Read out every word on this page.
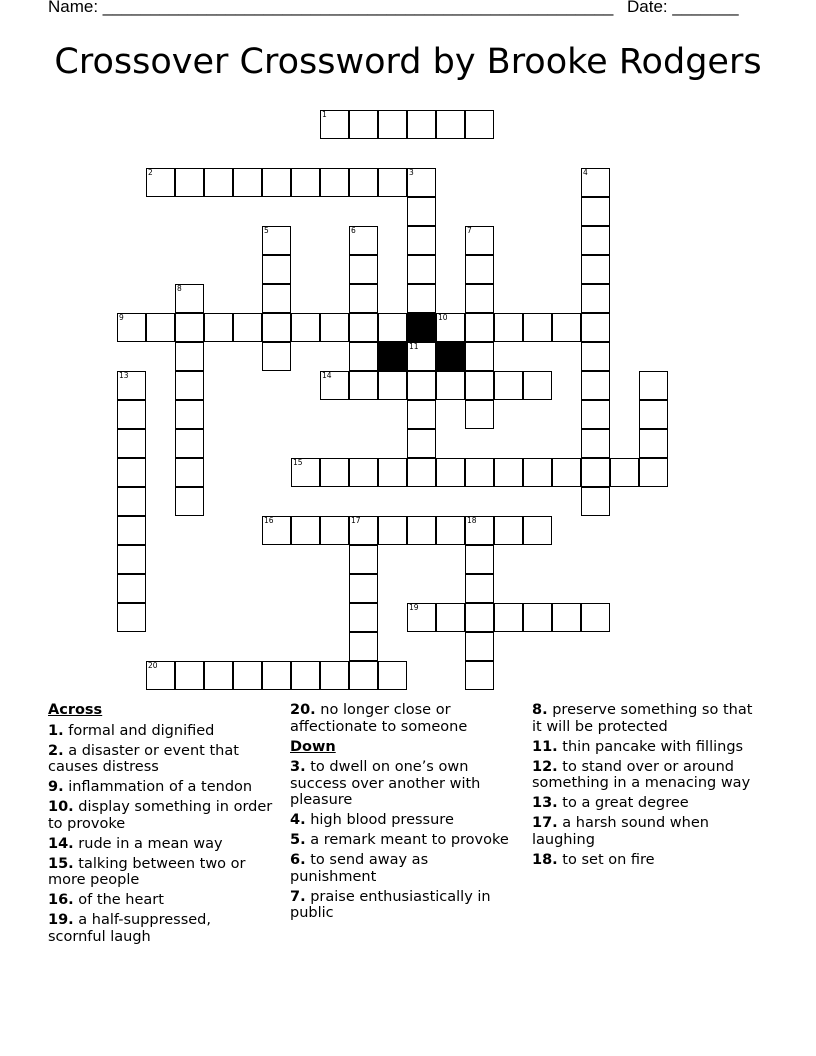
Name: ______________________________________________________ Date: _______
Crossover Crossword by Brooke Rodgers
1
2	3
11
4
5	6	7
8
9	10
13	14
15
16	17	18
19
20
Across
1. formal and dignified
2. a disaster or event that causes distress
9. inflammation of a tendon
10. display something in order to provoke
14. rude in a mean way
15. talking between two or more people
16. of the heart
19. a half-suppressed, scornful laugh
20. no longer close or affectionate to someone
Down
3. to dwell on one’s own success over another with pleasure
4. high blood pressure
5. a remark meant to provoke
6. to send away as punishment
7. praise enthusiastically in public
8. preserve something so that it will be protected
11. thin pancake with fillings
12. to stand over or around something in a menacing way
13. to a great degree
17. a harsh sound when laughing
18. to set on fire
